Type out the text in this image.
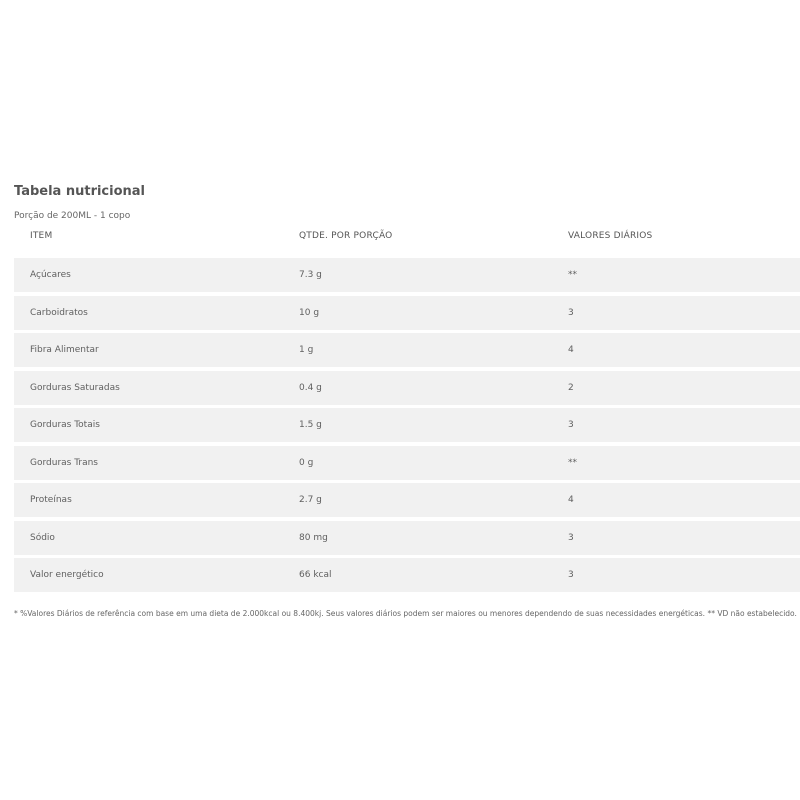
Tabela nutricional
Porção de 200ML - 1 copo
ITEM	QTDE. POR PORÇÃO	VALORES DIÁRIOS
Açúcares	7.3 g	**
Carboidratos	10 g	3
Fibra Alimentar	1 g	4
Gorduras Saturadas	0.4 g	2
Gorduras Totais	1.5 g	3
Gorduras Trans	0 g	**
Proteínas	2.7 g	4
Sódio	80 mg	3
Valor energético	66 kcal	3
* %Valores Diários de referência com base em uma dieta de 2.000kcal ou 8.400kj. Seus valores diários podem ser maiores ou menores dependendo de suas necessidades energéticas. ** VD não estabelecido.
